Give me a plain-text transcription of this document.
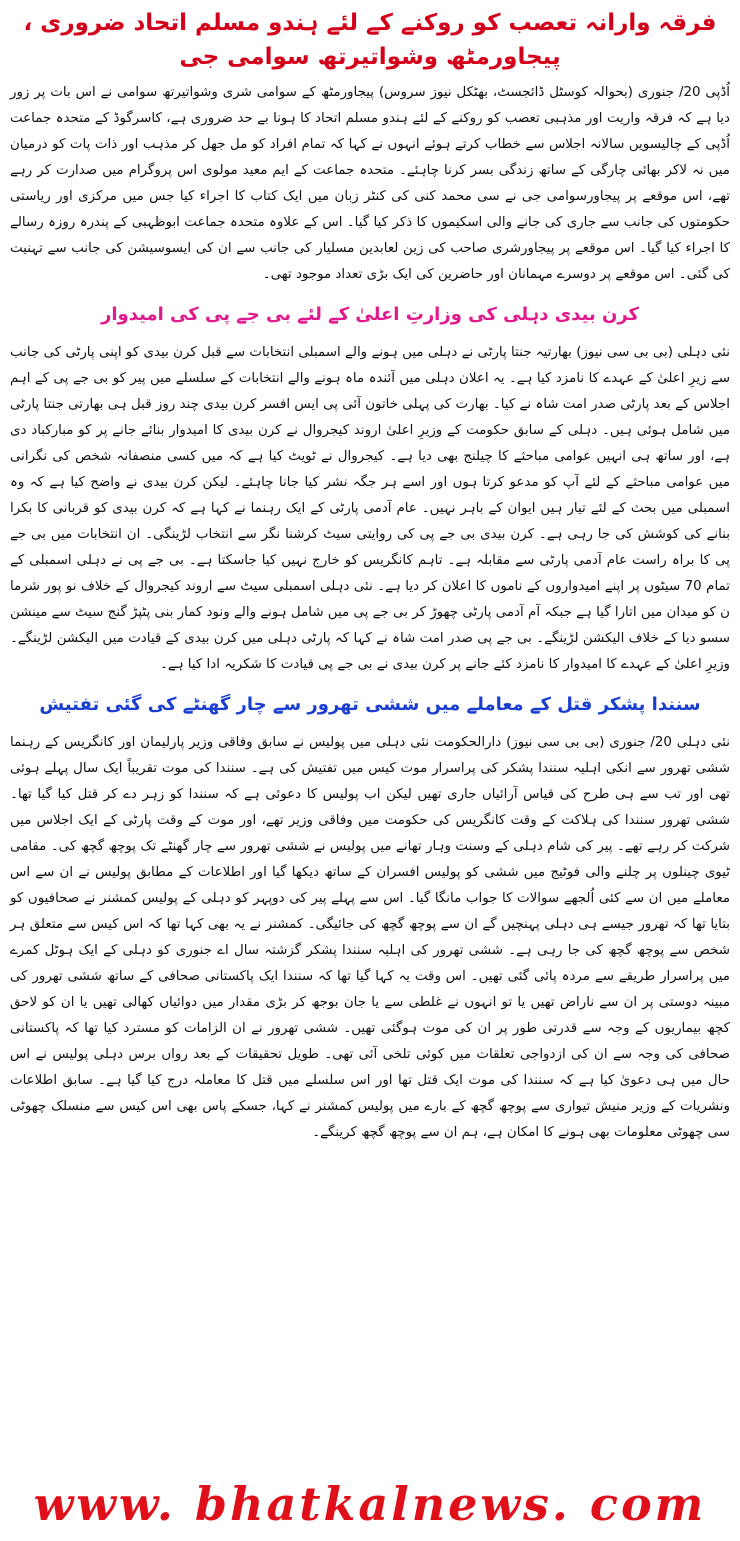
فرقہ وارانہ تعصب کو روکنے کے لئے ہندو مسلم اتحاد ضروری ، پیجاورمٹھ وشواتیرتھ سوامی جی

اُڈپی 20/ جنوری (بحوالہ کوسٹل ڈائجسٹ، بھٹکل نیوز سروس) پیجاورمٹھ کے سوامی شری وشواتیرتھ سوامی نے اس بات پر زور دیا ہے کہ فرقہ واریت اور مذہبی تعصب کو روکنے کے لئے ہندو مسلم اتحاد کا ہونا بے حد ضروری ہے، کاسرگوڈ کے متحدہ جماعت اُڈپی کے چالیسویں سالانہ اجلاس سے خطاب کرتے ہوئے انہوں نے کہا کہ تمام افراد کو مل جھل کر مذہب اور ذات پات کو درمیان میں نہ لاکر بھائی چارگی کے ساتھ زندگی بسر کرنا چاہئے۔ متحدہ جماعت کے ایم معید مولوی اس پروگرام میں صدارت کر رہے تھے، اس موقعے پر پیجاورسوامی جی نے سی محمد کنی کی کنٹر زبان میں ایک کتاب کا اجراء کیا جس میں مرکزی اور ریاستی حکومتوں کی جانب سے جاری کی جانے والی اسکیموں کا ذکر کیا گیا۔ اس کے علاوہ متحدہ جماعت ابوظہبی کے پندرہ روزہ رسالے کا اجراء کیا گیا۔ اس موقعے پر پیجاورشری صاحب کی زین لعابدین مسلیار کی جانب سے ان کی ایسوسیشن کی جانب سے تہنیت کی گئی۔ اس موقعے پر دوسرے مہمانان اور حاضرین کی ایک بڑی تعداد موجود تھی۔

کرن بیدی دہلی کی وزارتِ اعلیٰ کے لئے بی جے پی کی امیدوار

نئی دہلی (بی بی سی نیوز) بھارتیہ جنتا پارٹی نے دہلی میں ہونے والے اسمبلی انتخابات سے قبل کرن بیدی کو اپنی پارٹی کی جانب سے زیرِ اعلیٰ کے عہدے کا نامزد کیا ہے۔ یہ اعلان دہلی میں آئندہ ماہ ہونے والے انتخابات کے سلسلے میں پیر کو بی جے پی کے اہم اجلاس کے بعد پارٹی صدر امت شاہ نے کیا۔ بھارت کی پہلی خاتون آئی پی ایس افسر کرن بیدی چند روز قبل ہی بھارتی جنتا پارٹی میں شامل ہوئی ہیں۔ دہلی کے سابق حکومت کے وزیرِ اعلیٰ اروند کیجروال نے کرن بیدی کا امیدوار بنائے جانے پر کو مبارکباد دی ہے، اور ساتھ ہی انہیں عوامی مباحثے کا چیلنج بھی دیا ہے۔ کیجروال نے ٹویٹ کیا ہے کہ میں کسی منصفانہ شخص کی نگرانی میں عوامی مباحثے کے لئے آپ کو مدعو کرتا ہوں اور اسے ہر جگہ نشر کیا جانا چاہئے۔ لیکن کرن بیدی نے واضح کیا ہے کہ وہ اسمبلی میں بحث کے لئے تیار ہیں ایوان کے باہر نہیں۔ عام آدمی پارٹی کے ایک رہنما نے کہا ہے کہ کرن بیدی کو قربانی کا بکرا بنانے کی کوشش کی جا رہی ہے۔ کرن بیدی بی جے پی کی روایتی سیٹ کرشنا نگر سے انتخاب لڑینگی۔ ان انتخابات میں بی جے پی کا براہ راست عام آدمی پارٹی سے مقابلہ ہے۔ تاہم کانگریس کو خارج نہیں کیا جاسکتا ہے۔ بی جے پی نے دہلی اسمبلی کے تمام 70 سیٹوں پر اپنے امیدواروں کے ناموں کا اعلان کر دیا ہے۔ نئی دہلی اسمبلی سیٹ سے اروند کیجروال کے خلاف نو پور شرما ن کو میدان میں اتارا گیا ہے جبکہ آم آدمی پارٹی چھوڑ کر بی جے پی میں شامل ہونے والے ونود کمار بنی پٹپڑ گنج سیٹ سے مینشن سسو دیا کے خلاف الیکشن لڑینگے۔ بی جے پی صدر امت شاہ نے کہا کہ پارٹی دہلی میں کرن بیدی کے قیادت میں الیکشن لڑینگے۔ وزیرِ اعلیٰ کے عہدے کا امیدوار کا نامزد کئے جانے پر کرن بیدی نے بی جے پی قیادت کا شکریہ ادا کیا ہے۔

سنندا پشکر قتل کے معاملے میں ششی تھرور سے چار گھنٹے کی گئی تفتیش

نئی دہلی 20/ جنوری (بی بی سی نیوز) دارالحکومت نئی دہلی میں پولیس نے سابق وفاقی وزیر پارلیمان اور کانگریس کے رہنما ششی تھرور سے انکی اہلیہ سنندا پشکر کی پراسرار موت کیس میں تفتیش کی ہے۔ سنندا کی موت تقریباً ایک سال پہلے ہوئی تھی اور تب سے ہی طرح کی قیاس آرائیاں جاری تھیں لیکن اب پولیس کا دعوئی ہے کہ سنندا کو زہر دے کر قتل کیا گیا تھا۔ ششی تھرور سنندا کی ہلاکت کے وقت کانگریس کی حکومت میں وفاقی وزیر تھے، اور موت کے وقت پارٹی کے ایک اجلاس میں شرکت کر رہے تھے۔ پیر کی شام دہلی کے وسنت وہار تھانے میں پولیس نے ششی تھرور سے چار گھنٹے تک پوچھ گچھ کی۔ مقامی ٹیوی چینلوں پر چلنے والی فوٹیج میں ششی کو پولیس افسران کے ساتھ دیکھا گیا اور اطلاعات کے مطابق پولیس نے ان سے اس معاملے میں ان سے کئی اُلجھے سوالات کا جواب مانگا گیا۔ اس سے پہلے پیر کی دوپہر کو دہلی کے پولیس کمشنر نے صحافیوں کو بتایا تھا کہ تھرور جیسے ہی دہلی پہنچیں گے ان سے پوچھ گچھ کی جائیگی۔ کمشنر نے یہ بھی کہا تھا کہ اس کیس سے متعلق ہر شخص سے پوچھ گچھ کی جا رہی ہے۔ ششی تھرور کی اہلیہ سنندا پشکر گزشتہ سال اے جنوری کو دہلی کے ایک ہوٹل کمرے میں پراسرار طریقے سے مردہ پائی گئی تھیں۔ اس وقت یہ کہا گیا تھا کہ سنندا ایک پاکستانی صحافی کے ساتھ ششی تھرور کی مبینہ دوستی پر ان سے ناراض تھیں یا تو انہوں نے غلطی سے یا جان بوجھ کر بڑی مقدار میں دوائیاں کھالی تھیں یا ان کو لاحق کچھ بیماریوں کے وجہ سے قدرتی طور پر ان کی موت ہوگئی تھیں۔ ششی تھرور نے ان الزامات کو مسترد کیا تھا کہ پاکستانی صحافی کی وجہ سے ان کی ازدواجی تعلقات میں کوئی تلخی آئی تھی۔ طویل تحقیقات کے بعد رواں برس دہلی پولیس نے اس حال میں ہی دعویٰ کیا ہے کہ سنندا کی موت ایک قتل تھا اور اس سلسلے میں قتل کا معاملہ درج کیا گیا ہے۔ سابق اطلاعات ونشریات کے وزیر منیش تیواری سے پوچھ گچھ کے بارے میں پولیس کمشنر نے کہا، جسکے پاس بھی اس کیس سے منسلک چھوٹی سی چھوٹی معلومات بھی ہونے کا امکان ہے، ہم ان سے پوچھ گچھ کرینگے۔

www. bhatkalnews. com
